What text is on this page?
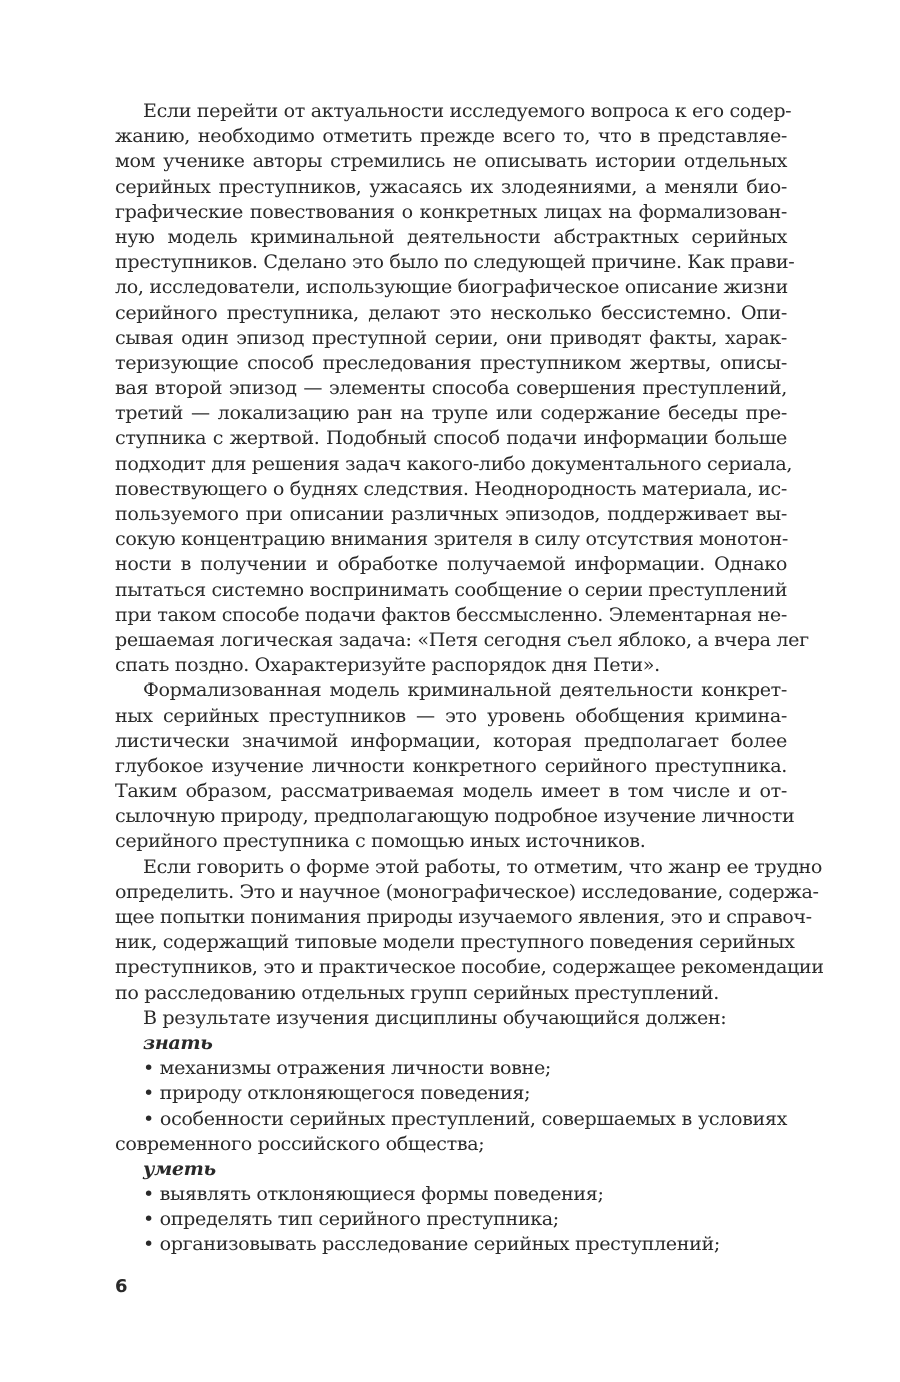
Если перейти от актуальности исследуемого вопроса к его содер-
жанию, необходимо отметить прежде всего то, что в представляе-
мом ученике авторы стремились не описывать истории отдельных
серийных преступников, ужасаясь их злодеяниями, а меняли био-
графические повествования о конкретных лицах на формализован-
ную модель криминальной деятельности абстрактных серийных
преступников. Сделано это было по следующей причине. Как прави-
ло, исследователи, использующие биографическое описание жизни
серийного преступника, делают это несколько бессистемно. Опи-
сывая один эпизод преступной серии, они приводят факты, харак-
теризующие способ преследования преступником жертвы, описы-
вая второй эпизод — элементы способа совершения преступлений,
третий — локализацию ран на трупе или содержание беседы пре-
ступника с жертвой. Подобный способ подачи информации больше
подходит для решения задач какого-либо документального сериала,
повествующего о буднях следствия. Неоднородность материала, ис-
пользуемого при описании различных эпизодов, поддерживает вы-
сокую концентрацию внимания зрителя в силу отсутствия монотон-
ности в получении и обработке получаемой информации. Однако
пытаться системно воспринимать сообщение о серии преступлений
при таком способе подачи фактов бессмысленно. Элементарная не-
решаемая логическая задача: «Петя сегодня съел яблоко, а вчера лег
спать поздно. Охарактеризуйте распорядок дня Пети».
Формализованная модель криминальной деятельности конкрет-
ных серийных преступников — это уровень обобщения кримина-
листически значимой информации, которая предполагает более
глубокое изучение личности конкретного серийного преступника.
Таким образом, рассматриваемая модель имеет в том числе и от-
сылочную природу, предполагающую подробное изучение личности
серийного преступника с помощью иных источников.
Если говорить о форме этой работы, то отметим, что жанр ее трудно
определить. Это и научное (монографическое) исследование, содержа-
щее попытки понимания природы изучаемого явления, это и справоч-
ник, содержащий типовые модели преступного поведения серийных
преступников, это и практическое пособие, содержащее рекомендации
по расследованию отдельных групп серийных преступлений.
В результате изучения дисциплины обучающийся должен:
знать
• механизмы отражения личности вовне;
• природу отклоняющегося поведения;
• особенности серийных преступлений, совершаемых в условиях
современного российского общества;
уметь
• выявлять отклоняющиеся формы поведения;
• определять тип серийного преступника;
• организовывать расследование серийных преступлений;
6
